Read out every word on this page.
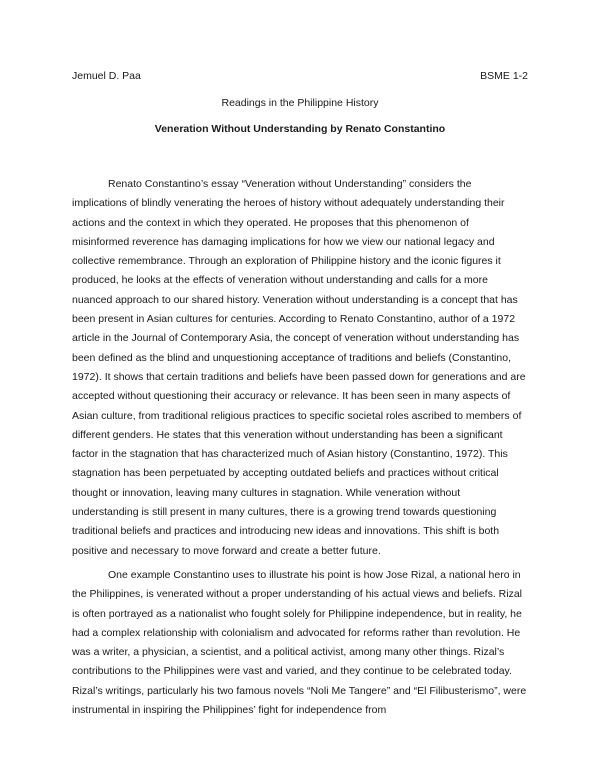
Jemuel D. Paa	BSME 1-2
Readings in the Philippine History
Veneration Without Understanding by Renato Constantino

Renato Constantino’s essay “Veneration without Understanding” considers the implications of blindly venerating the heroes of history without adequately understanding their actions and the context in which they operated. He proposes that this phenomenon of misinformed reverence has damaging implications for how we view our national legacy and collective remembrance. Through an exploration of Philippine history and the iconic figures it produced, he looks at the effects of veneration without understanding and calls for a more nuanced approach to our shared history. Veneration without understanding is a concept that has been present in Asian cultures for centuries. According to Renato Constantino, author of a 1972 article in the Journal of Contemporary Asia, the concept of veneration without understanding has been defined as the blind and unquestioning acceptance of traditions and beliefs (Constantino, 1972). It shows that certain traditions and beliefs have been passed down for generations and are accepted without questioning their accuracy or relevance. It has been seen in many aspects of Asian culture, from traditional religious practices to specific societal roles ascribed to members of different genders. He states that this veneration without understanding has been a significant factor in the stagnation that has characterized much of Asian history (Constantino, 1972). This stagnation has been perpetuated by accepting outdated beliefs and practices without critical thought or innovation, leaving many cultures in stagnation. While veneration without understanding is still present in many cultures, there is a growing trend towards questioning traditional beliefs and practices and introducing new ideas and innovations. This shift is both positive and necessary to move forward and create a better future.

One example Constantino uses to illustrate his point is how Jose Rizal, a national hero in the Philippines, is venerated without a proper understanding of his actual views and beliefs. Rizal is often portrayed as a nationalist who fought solely for Philippine independence, but in reality, he had a complex relationship with colonialism and advocated for reforms rather than revolution. He was a writer, a physician, a scientist, and a political activist, among many other things. Rizal’s contributions to the Philippines were vast and varied, and they continue to be celebrated today. Rizal’s writings, particularly his two famous novels “Noli Me Tangere” and “El Filibusterismo”, were instrumental in inspiring the Philippines’ fight for independence from
